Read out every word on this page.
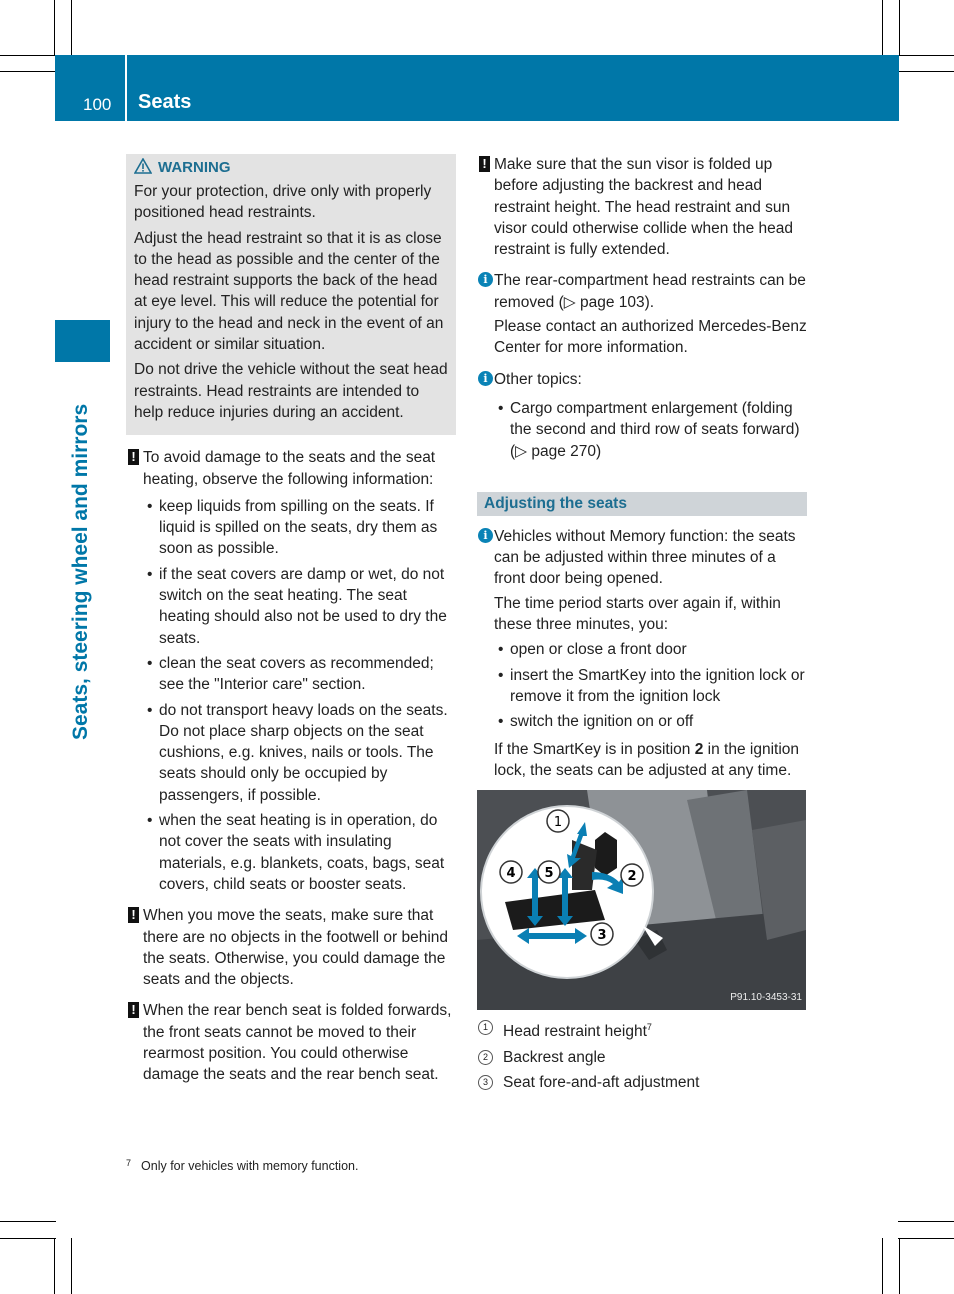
100 Seats
Seats, steering wheel and mirrors
WARNING

For your protection, drive only with properly positioned head restraints.

Adjust the head restraint so that it is as close to the head as possible and the center of the head restraint supports the back of the head at eye level. This will reduce the potential for injury to the head and neck in the event of an accident or similar situation.

Do not drive the vehicle without the seat head restraints. Head restraints are intended to help reduce injuries during an accident.

! To avoid damage to the seats and the seat heating, observe the following information:
• keep liquids from spilling on the seats. If liquid is spilled on the seats, dry them as soon as possible.
• if the seat covers are damp or wet, do not switch on the seat heating. The seat heating should also not be used to dry the seats.
• clean the seat covers as recommended; see the "Interior care" section.
• do not transport heavy loads on the seats. Do not place sharp objects on the seat cushions, e.g. knives, nails or tools. The seats should only be occupied by passengers, if possible.
• when the seat heating is in operation, do not cover the seats with insulating materials, e.g. blankets, coats, bags, seat covers, child seats or booster seats.
! When you move the seats, make sure that there are no objects in the footwell or behind the seats. Otherwise, you could damage the seats and the objects.
! When the rear bench seat is folded forwards, the front seats cannot be moved to their rearmost position. You could otherwise damage the seats and the rear bench seat.
! Make sure that the sun visor is folded up before adjusting the backrest and head restraint height. The head restraint and sun visor could otherwise collide when the head restraint is fully extended.
i The rear-compartment head restraints can be removed (▷ page 103).

Please contact an authorized Mercedes-Benz Center for more information.

i Other topics:
• Cargo compartment enlargement (folding the second and third row of seats forward) (▷ page 270)
Adjusting the seats
i Vehicles without Memory function: the seats can be adjusted within three minutes of a front door being opened.

The time period starts over again if, within these three minutes, you:

• open or close a front door
• insert the SmartKey into the ignition lock or remove it from the ignition lock
• switch the ignition on or off

If the SmartKey is in position 2 in the ignition lock, the seats can be adjusted at any time.

1
2
3
4 5
P91.10-3453-31
1 Head restraint height$^7$
2 Backrest angle
3 Seat fore-and-aft adjustment
$^7$ Only for vehicles with memory function.
